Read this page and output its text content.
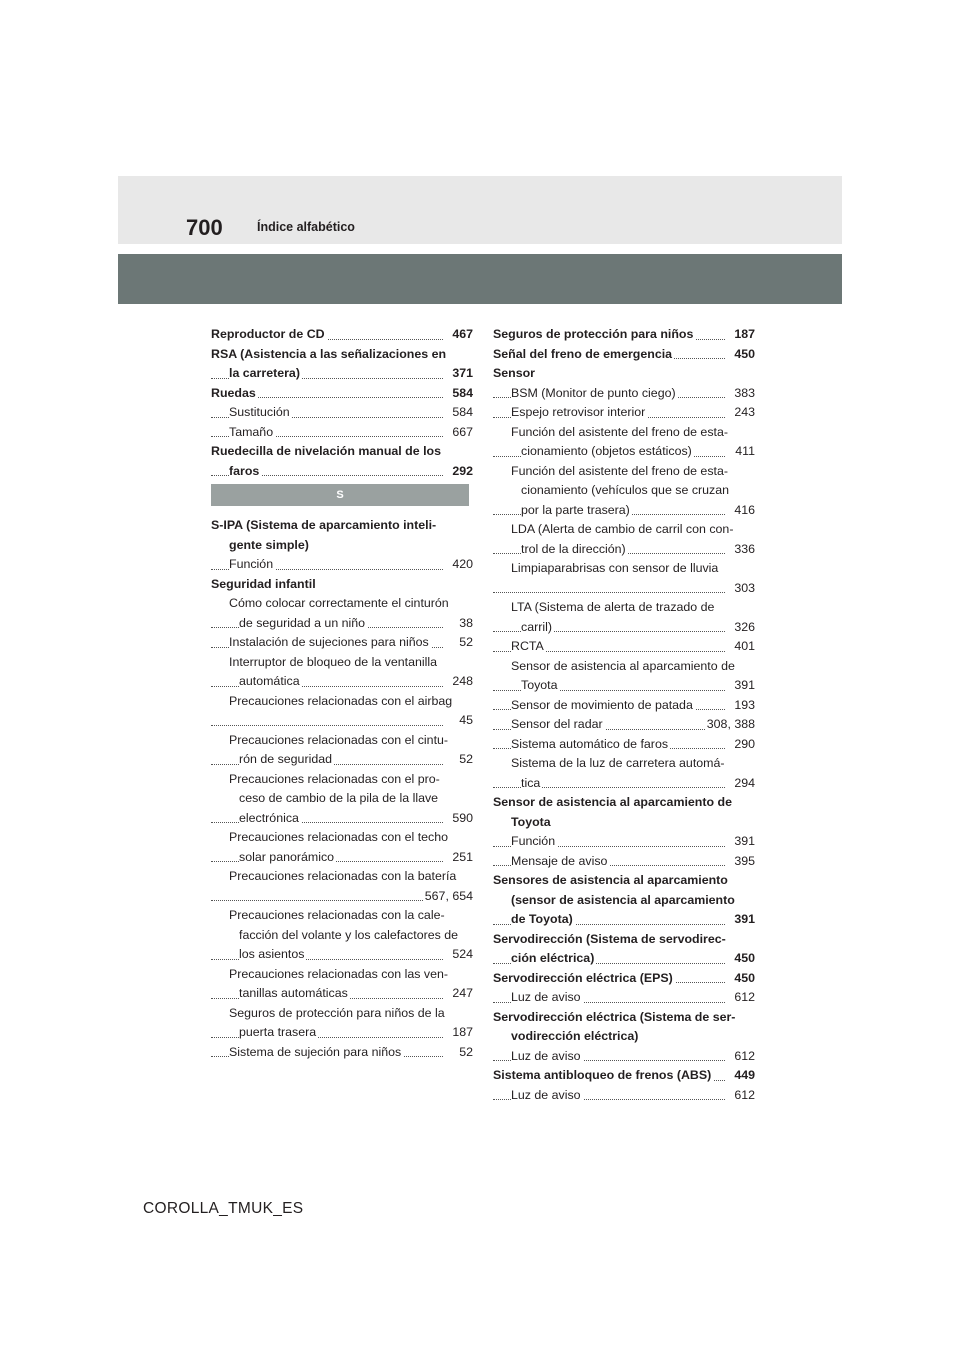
700	Índice alfabético
Reproductor de CD	467
RSA (Asistencia a las señalizaciones en
la carretera)	371
Ruedas	584
Sustitución	584
Tamaño	667
Ruedecilla de nivelación manual de los
faros	292
S
S-IPA (Sistema de aparcamiento inteli-
gente simple)
Función	420
Seguridad infantil
Cómo colocar correctamente el cinturón
de seguridad a un niño	38
Instalación de sujeciones para niños 52
Interruptor de bloqueo de la ventanilla
automática	248
Precauciones relacionadas con el airbag
45
Precauciones relacionadas con el cintu-
rón de seguridad	52
Precauciones relacionadas con el pro-
ceso de cambio de la pila de la llave
electrónica	590
Precauciones relacionadas con el techo
solar panorámico	251
Precauciones relacionadas con la batería
567, 654
Precauciones relacionadas con la cale-
facción del volante y los calefactores de
los asientos	524
Precauciones relacionadas con las ven-
tanillas automáticas	247
Seguros de protección para niños de la
puerta trasera	187
Sistema de sujeción para niños	52
Seguros de protección para niños	187
Señal del freno de emergencia	450
Sensor
BSM (Monitor de punto ciego)	383
Espejo retrovisor interior	243
Función del asistente del freno de esta-
cionamiento (objetos estáticos)	411
Función del asistente del freno de esta-
cionamiento (vehículos que se cruzan
por la parte trasera)	416
LDA (Alerta de cambio de carril con con-
trol de la dirección)	336
Limpiaparabrisas con sensor de lluvia
303
LTA (Sistema de alerta de trazado de
carril)	326
RCTA	401
Sensor de asistencia al aparcamiento de
Toyota	391
Sensor de movimiento de patada	193
Sensor del radar	308, 388
Sistema automático de faros	290
Sistema de la luz de carretera automá-
tica	294
Sensor de asistencia al aparcamiento de
Toyota
Función	391
Mensaje de aviso	395
Sensores de asistencia al aparcamiento
(sensor de asistencia al aparcamiento
de Toyota)	391
Servodirección (Sistema de servodirec-
ción eléctrica)	450
Servodirección eléctrica (EPS)	450
Luz de aviso	612
Servodirección eléctrica (Sistema de ser-
vodirección eléctrica)
Luz de aviso	612
Sistema antibloqueo de frenos (ABS) 449
Luz de aviso	612
COROLLA_TMUK_ES
